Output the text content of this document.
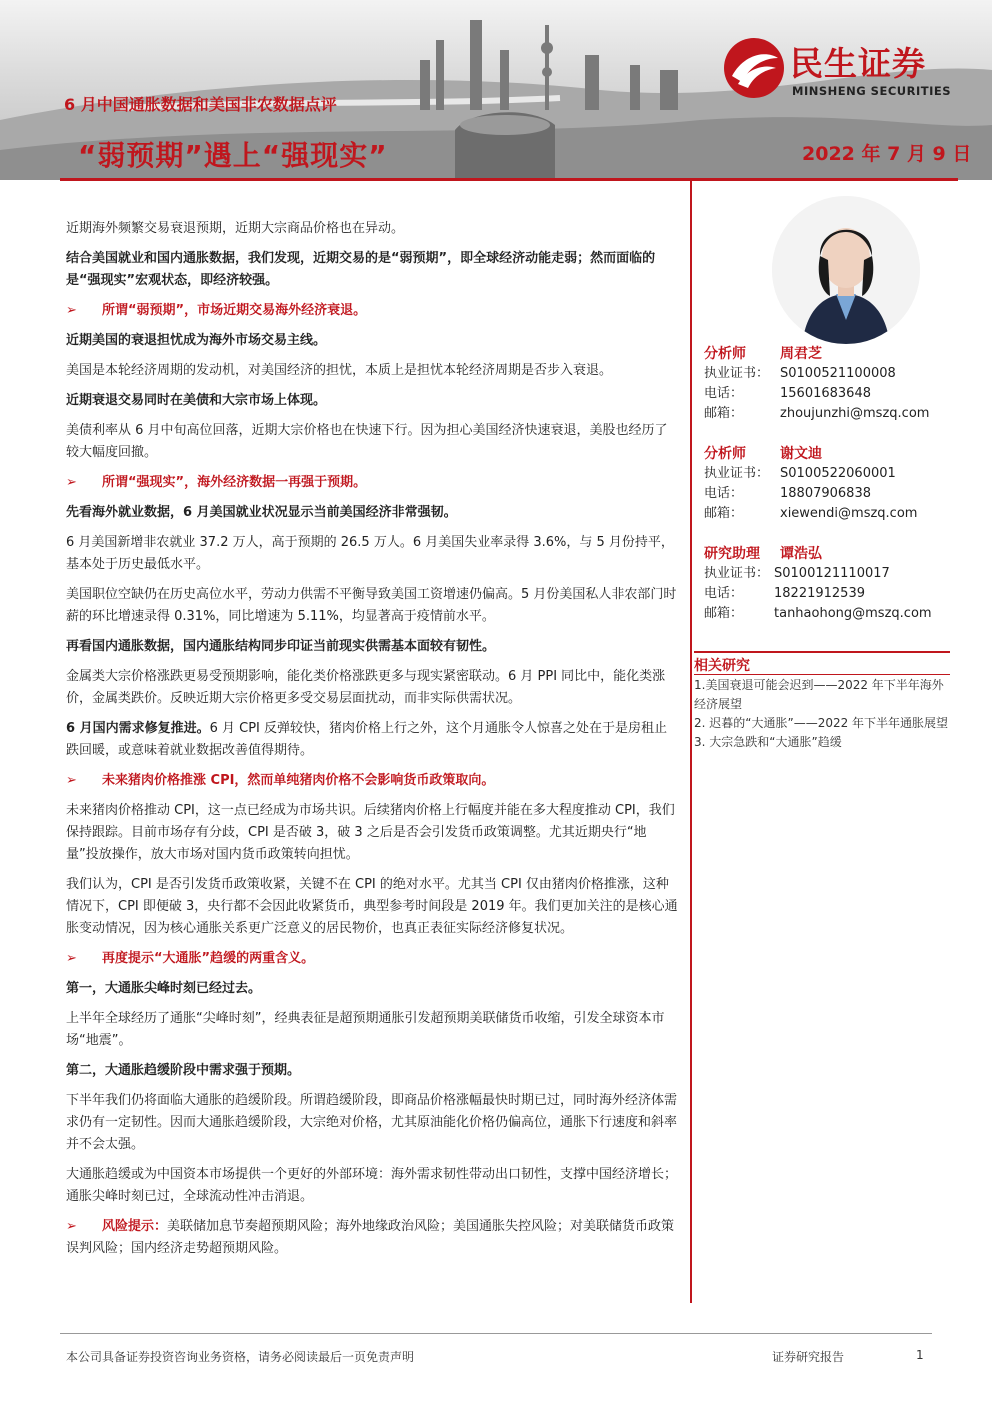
6 月中国通胀数据和美国非农数据点评
“弱预期”遇上“强现实”	2022 年 7 月 9 日
民生证券
MINSHENG SECURITIES

近期海外频繁交易衰退预期，近期大宗商品价格也在异动。

结合美国就业和国内通胀数据，我们发现，近期交易的是“弱预期”，即全球经济动能走弱；然而面临的是“强现实”宏观状态，即经济较强。

➢ 所谓“弱预期”，市场近期交易海外经济衰退。

近期美国的衰退担忧成为海外市场交易主线。

美国是本轮经济周期的发动机，对美国经济的担忧，本质上是担忧本轮经济周期是否步入衰退。

近期衰退交易同时在美债和大宗市场上体现。

美债利率从 6 月中旬高位回落，近期大宗价格也在快速下行。因为担心美国经济快速衰退，美股也经历了较大幅度回撤。

➢ 所谓“强现实”，海外经济数据一再强于预期。

先看海外就业数据，6 月美国就业状况显示当前美国经济非常强韧。

6 月美国新增非农就业 37.2 万人，高于预期的 26.5 万人。6 月美国失业率录得 3.6%，与 5 月份持平，基本处于历史最低水平。

美国职位空缺仍在历史高位水平，劳动力供需不平衡导致美国工资增速仍偏高。5 月份美国私人非农部门时薪的环比增速录得 0.31%，同比增速为 5.11%，均显著高于疫情前水平。

再看国内通胀数据，国内通胀结构同步印证当前现实供需基本面较有韧性。

金属类大宗价格涨跌更易受预期影响，能化类价格涨跌更多与现实紧密联动。6 月 PPI 同比中，能化类涨价，金属类跌价。反映近期大宗价格更多受交易层面扰动，而非实际供需状况。

6 月国内需求修复推进。6 月 CPI 反弹较快，猪肉价格上行之外，这个月通胀令人惊喜之处在于是房租止跌回暖，或意味着就业数据改善值得期待。

➢ 未来猪肉价格推涨 CPI，然而单纯猪肉价格不会影响货币政策取向。

未来猪肉价格推动 CPI，这一点已经成为市场共识。后续猪肉价格上行幅度并能在多大程度推动 CPI，我们保持跟踪。目前市场存有分歧，CPI 是否破 3，破 3 之后是否会引发货币政策调整。尤其近期央行“地量”投放操作，放大市场对国内货币政策转向担忧。

我们认为，CPI 是否引发货币政策收紧，关键不在 CPI 的绝对水平。尤其当 CPI 仅由猪肉价格推涨，这种情况下，CPI 即便破 3，央行都不会因此收紧货币，典型参考时间段是 2019 年。我们更加关注的是核心通胀变动情况，因为核心通胀关系更广泛意义的居民物价，也真正表征实际经济修复状况。

➢ 再度提示“大通胀”趋缓的两重含义。

第一，大通胀尖峰时刻已经过去。

上半年全球经历了通胀“尖峰时刻”，经典表征是超预期通胀引发超预期美联储货币收缩，引发全球资本市场“地震”。

第二，大通胀趋缓阶段中需求强于预期。

下半年我们仍将面临大通胀的趋缓阶段。所谓趋缓阶段，即商品价格涨幅最快时期已过，同时海外经济体需求仍有一定韧性。因而大通胀趋缓阶段，大宗绝对价格，尤其原油能化价格仍偏高位，通胀下行速度和斜率并不会太强。

大通胀趋缓或为中国资本市场提供一个更好的外部环境：海外需求韧性带动出口韧性，支撑中国经济增长；通胀尖峰时刻已过，全球流动性冲击消退。

➢ 风险提示：美联储加息节奏超预期风险；海外地缘政治风险；美国通胀失控风险；对美联储货币政策误判风险；国内经济走势超预期风险。

分析师 周君芝
执业证书： S0100521100008
电话：	15601683648
邮箱：	zhoujunzhi@mszq.com
分析师 谢文迪
执业证书： S0100522060001
电话：	18807906838
邮箱：	xiewendi@mszq.com
研究助理 谭浩弘
执业证书： S0100121110017
电话： 18221912539
邮箱： tanhaohong@mszq.com
相关研究
1.美国衰退可能会迟到——2022 年下半年海外经济展望
2. 迟暮的“大通胀”——2022 年下半年通胀展望
3. 大宗急跌和“大通胀”趋缓
本公司具备证券投资咨询业务资格，请务必阅读最后一页免责声明	证券研究报告	1
